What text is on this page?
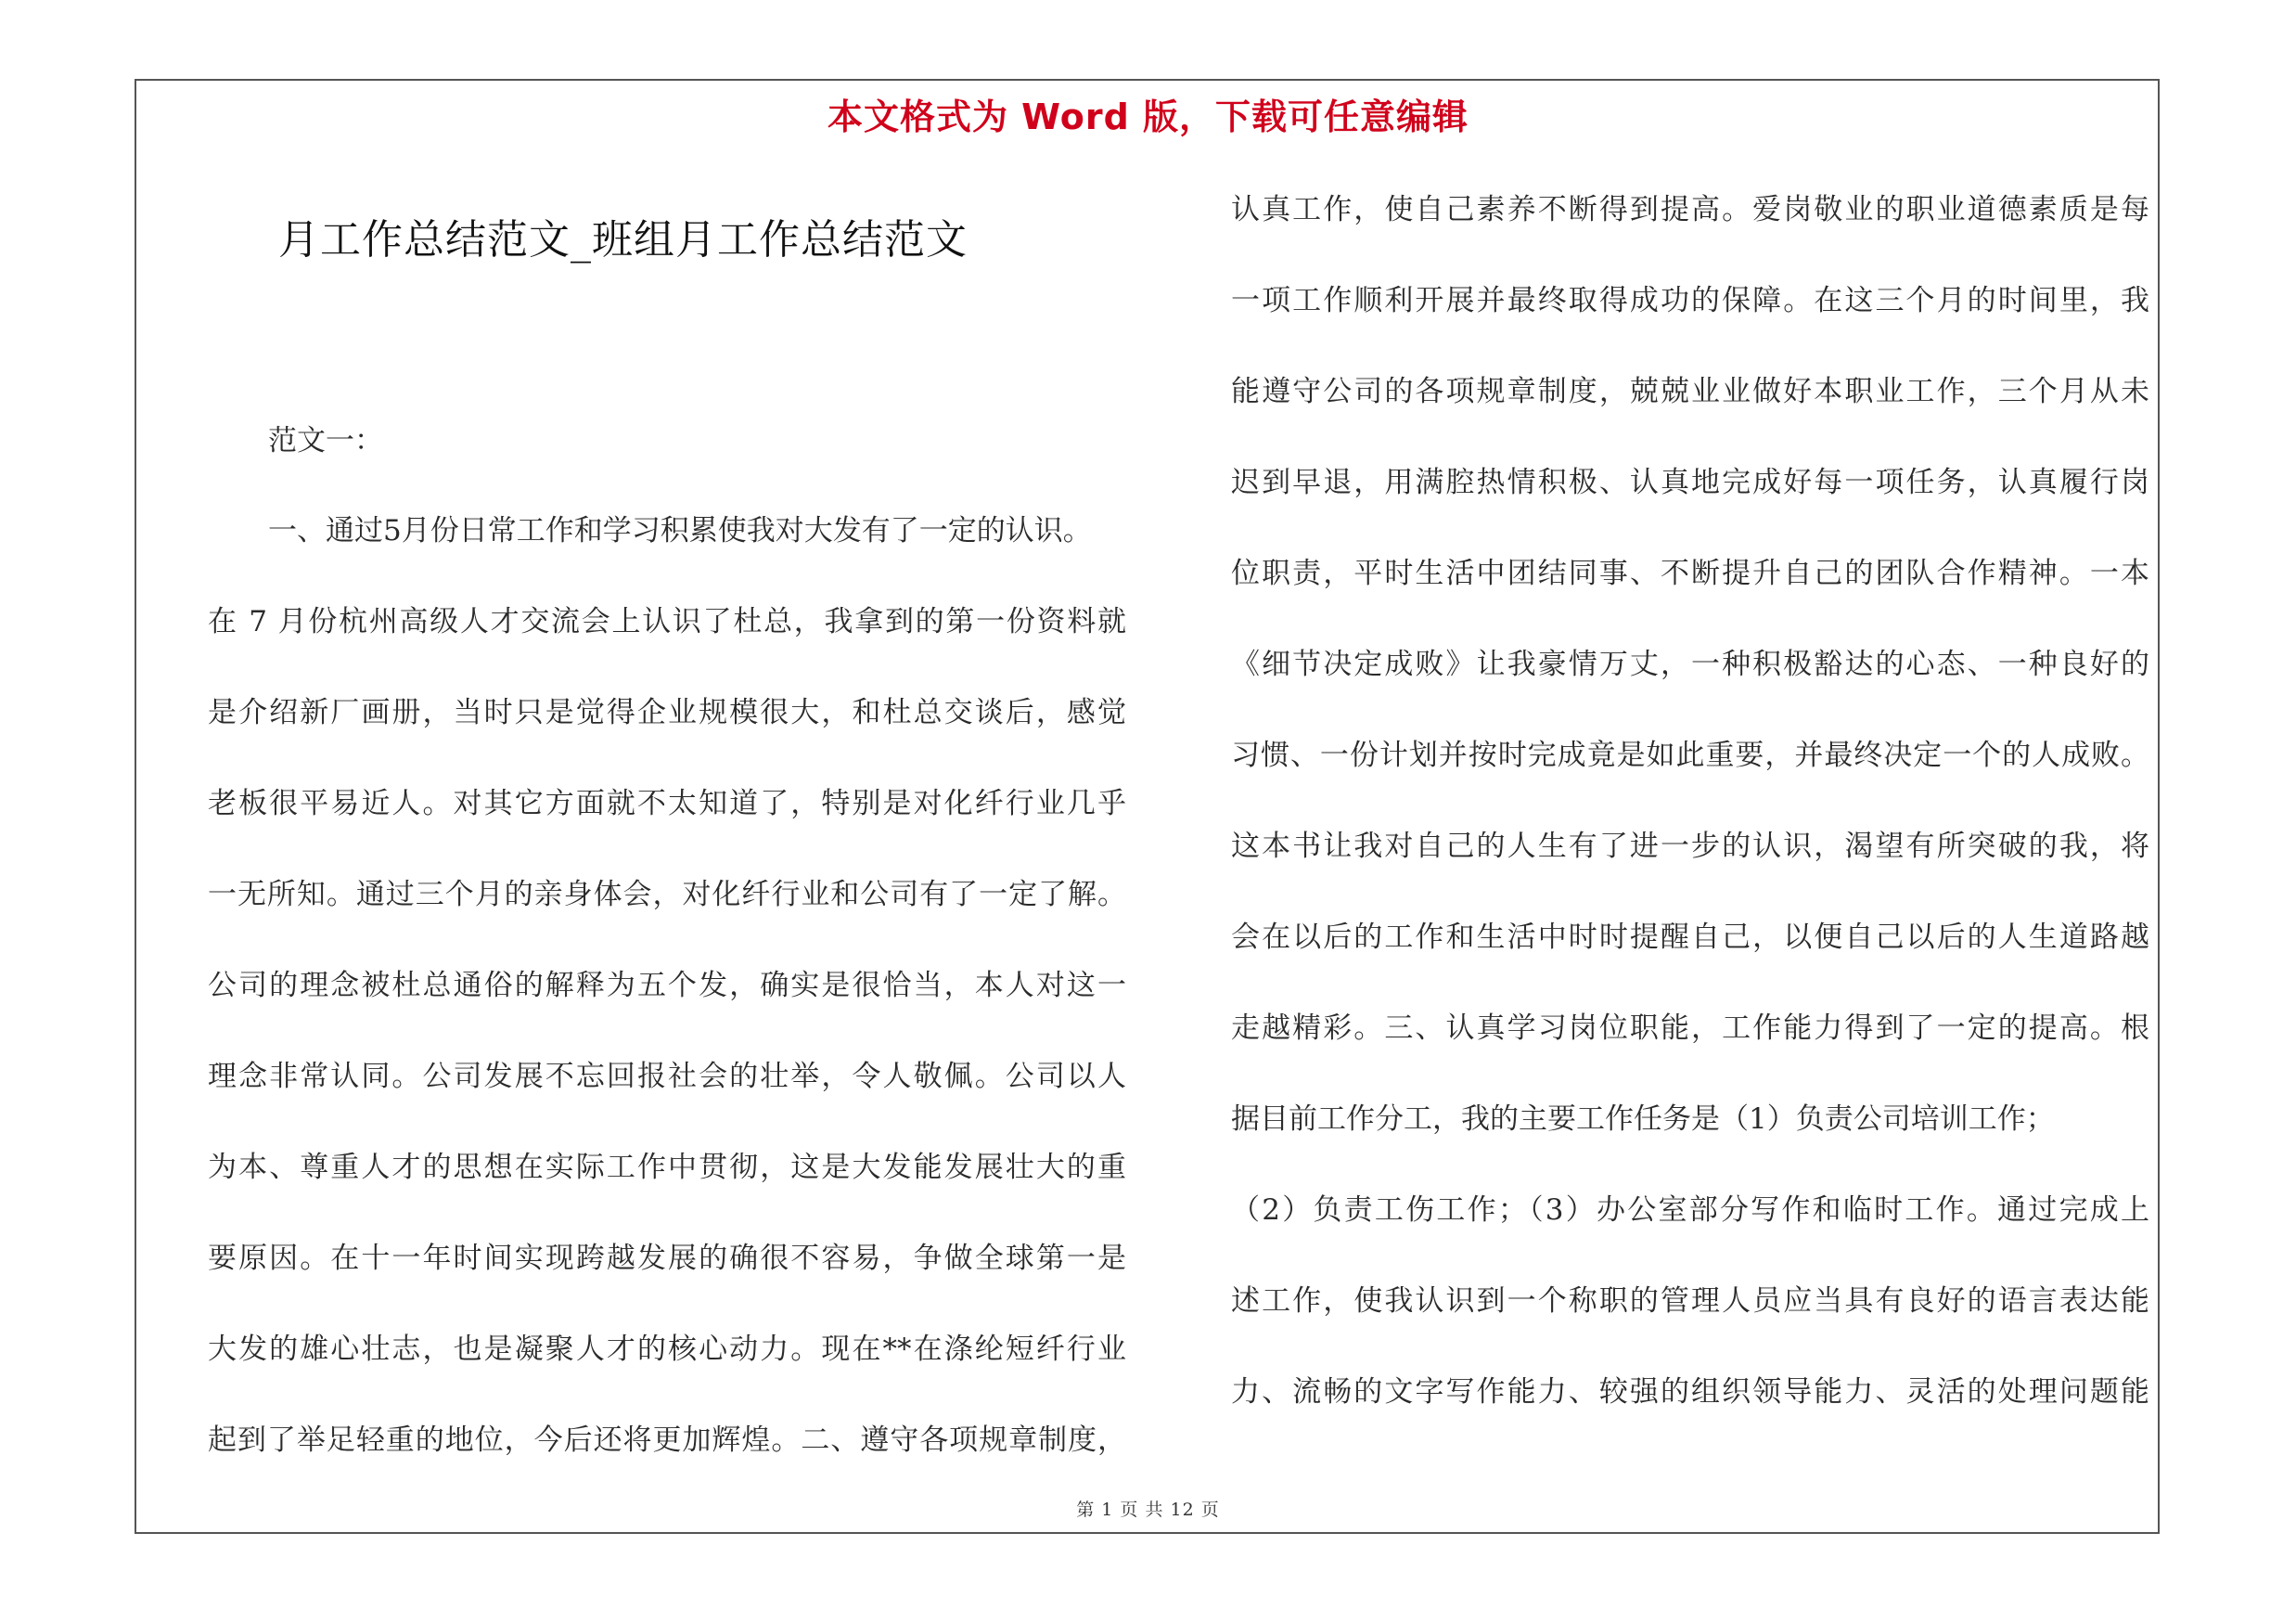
本文格式为 Word 版，下载可任意编辑
月工作总结范文_班组月工作总结范文

范文一：

一、通过5月份日常工作和学习积累使我对大发有了一定的认识。

在 7 月份杭州高级人才交流会上认识了杜总，我拿到的第一份资料就

是介绍新厂画册，当时只是觉得企业规模很大，和杜总交谈后，感觉

老板很平易近人。对其它方面就不太知道了，特别是对化纤行业几乎

一无所知。通过三个月的亲身体会，对化纤行业和公司有了一定了解。

公司的理念被杜总通俗的解释为五个发，确实是很恰当，本人对这一

理念非常认同。公司发展不忘回报社会的壮举，令人敬佩。公司以人

为本、尊重人才的思想在实际工作中贯彻，这是大发能发展壮大的重

要原因。在十一年时间实现跨越发展的确很不容易，争做全球第一是

大发的雄心壮志，也是凝聚人才的核心动力。现在**在涤纶短纤行业

起到了举足轻重的地位，今后还将更加辉煌。二、遵守各项规章制度，

认真工作，使自己素养不断得到提高。爱岗敬业的职业道德素质是每

一项工作顺利开展并最终取得成功的保障。在这三个月的时间里，我

能遵守公司的各项规章制度，兢兢业业做好本职业工作，三个月从未

迟到早退，用满腔热情积极、认真地完成好每一项任务，认真履行岗

位职责，平时生活中团结同事、不断提升自己的团队合作精神。一本

《细节决定成败》让我豪情万丈，一种积极豁达的心态、一种良好的

习惯、一份计划并按时完成竟是如此重要，并最终决定一个的人成败。

这本书让我对自己的人生有了进一步的认识，渴望有所突破的我，将

会在以后的工作和生活中时时提醒自己，以便自己以后的人生道路越

走越精彩。三、认真学习岗位职能，工作能力得到了一定的提高。根

据目前工作分工，我的主要工作任务是（1）负责公司培训工作；

（2）负责工伤工作；（3）办公室部分写作和临时工作。通过完成上

述工作，使我认识到一个称职的管理人员应当具有良好的语言表达能

力、流畅的文字写作能力、较强的组织领导能力、灵活的处理问题能

第 1 页 共 12 页
